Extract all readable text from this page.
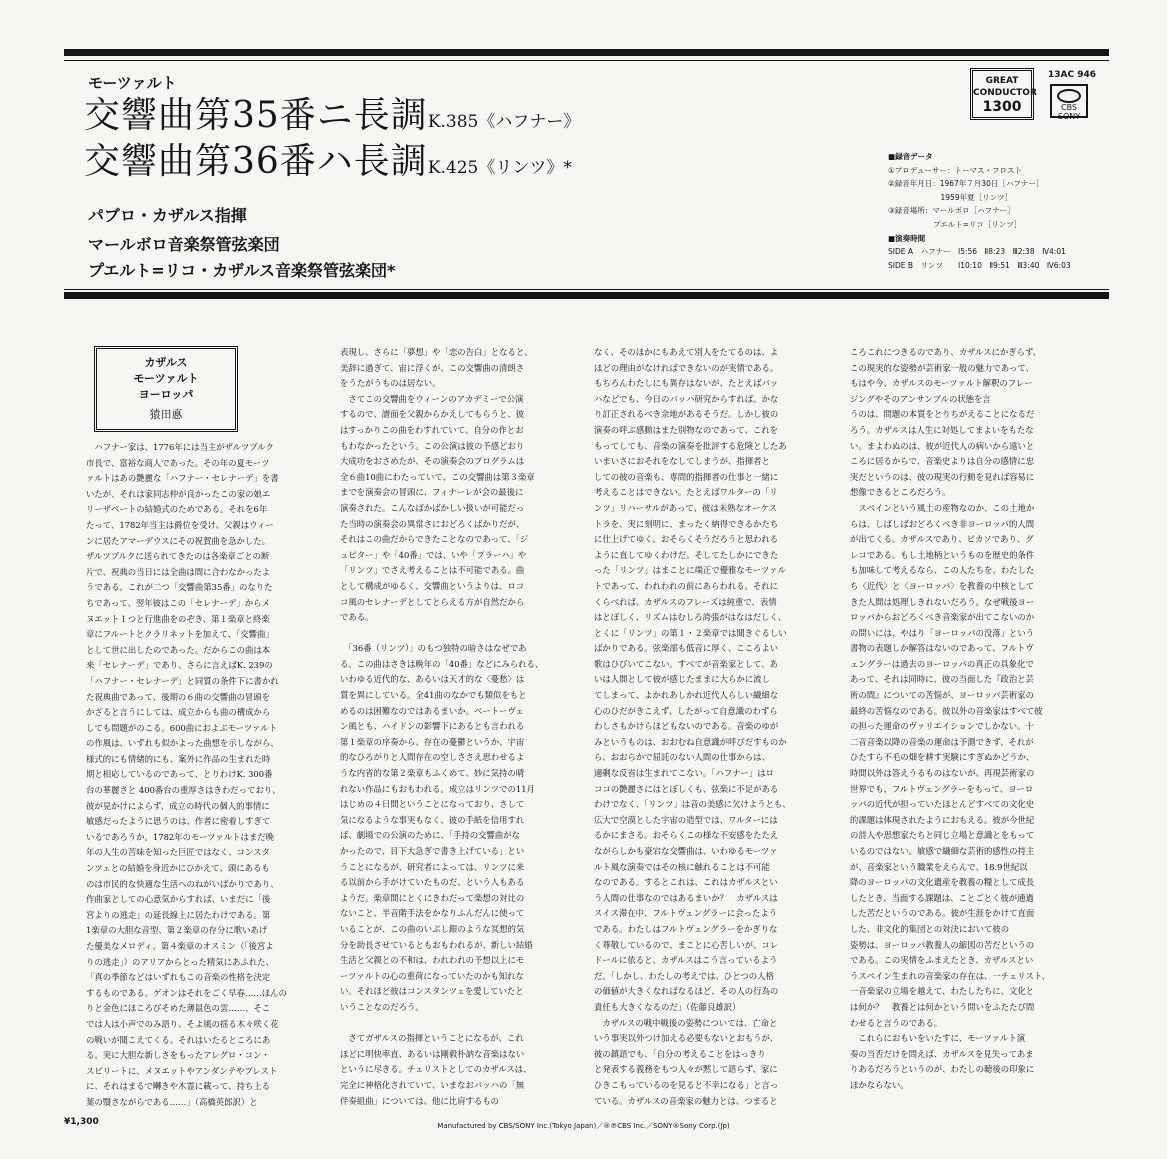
モーツァルト
交響曲第35番ニ長調K.385《ハフナー》
交響曲第36番ハ長調K.425《リンツ》*
パブロ・カザルス指揮
マールボロ音楽祭管弦楽団
プエルト=リコ・カザルス音楽祭管弦楽団*
GREAT
CONDUCTOR
1300
13AC 946
CBS
SONY
■録音データ
①プロデューサー：トーマス・フロスト
②録音年月日：1967年７月30日［ハフナー］
　　　　　　　1959年夏［リンツ］
③録音場所：マールボロ［ハフナー］
　　　　　　プエルト=リコ［リンツ］
■演奏時間
SIDE A　ハフナー　Ⅰ5:56　Ⅱ8:23　Ⅲ2:38　Ⅳ4:01
SIDE B　リンツ　　Ⅰ10:10　Ⅱ9:51　Ⅲ3:40　Ⅳ6:03
カザルス
モーツァルト
ヨーロッパ
猿田悳
　ハフナー家は、1776年には当主がザルツブルク
市長で、富裕な商人であった。その年の夏モーツ
ァルトはあの艶麗な「ハフナー・セレナーデ」を書
いたが、それは家同志仲が良かったこの家の娘エ
リーザベートの結婚式のためである。それを6年
たって、1782年当主は爵位を受け、父親はウィー
ンに居たアマーデウスにその祝賀曲を急かした。
ザルツブルクに送られてきたのは各楽章ごとの断
片で、祝典の当日には全曲は間に合わなかったよ
うである。これが二つ「交響曲第35番」のなりた
ちであって、翌年彼はこの「セレナーデ」からメ
ヌエット１つと行進曲をのぞき、第１楽章と終楽
章にフルートとクラリネットを加えて、「交響曲」
として世に出したのであった。だからこの曲は本
来「セレナーデ」であり、さらに言えばK. 239の
「ハフナー・セレナーデ」と同質の条件下に書かれ
た祝典曲であって、後期の６曲の交響曲の冒頭を
かざると言うにしては、成立からも曲の構成から
しても問題がのこる。600曲におよぶモーツァルト
の作風は、いずれも似かよった曲想を示しながら、
様式的にも情緒的にも、案外に作品の生まれた時
期と相応しているのであって、とりわけK. 300番
台の華麗さと 400番台の重厚さはきわだっており、
彼が見かけによらず、成立の時代の個人的事情に
敏感だったように思うのは、作者に密着しすぎて
いるであろうか。1782年のモーツァルトはまだ晩
年の人生の苦味を知った巨匠ではなく、コンスタ
ンツェとの結婚を身近かにひかえて、頭にあるも
のは市民的な快適な生活へのねがいばかりであり、
作曲家としての心意気からすれば、いまだに「後
宮よりの逃走」の延長線上に居たわけである。第
1楽章の大胆な音型、第２楽章の存分に歌いあげ
た優美なメロディ、第４楽章のオスミン（「後宮よ
りの逃走」）のアリアからとった精気にあふれた、
「真の季節などはいずれもこの音楽の性格を決定
するものである。ゲオンはそれをごく早春……ほんの
りと金色にほころびそめた薄鼠色の雲……、そこ
では人は小声でのみ語り、そよ風の揺る木々咲く花
の戦いが聞こえてくる。それはいたるところにあ
る。実に大胆な新しさをもったアレグロ・コン・
スピリートに、メヌエットやアンダンテやプレスト
に、それはまるで囀きや木霊に載って、持ち上る
葉の翳さながらである……」（高橋英郎訳）と
表現し、さらに「夢想」や「恋の告白」となると、
美辞に過ぎて、宙に浮くが、この交響曲の清朗さ
をうたがうものは居ない。
　さてこの交響曲をウィーンのアカデミーで公演
するので、譜面を父親からかえしてもらうと、彼
はすっかりこの曲をわすれていて、自分の作とお
もわなかったという。この公演は彼の予感どおり
大成功をおさめたが、その演奏会のプログラムは
全６曲10曲にわたっていて、この交響曲は第３楽章
までを演奏会の冒頭に、フィナーレが会の最後に
演奏された。こんなばかばかしい扱いが可能だっ
た当時の演奏会の異常さにおどろくばかりだが、
それはこの曲だからできたことなのであって、「ジ
ュピター」や「40番」では、いや「プラーハ」や
「リンツ」でさえ考えることは不可能である。曲
として構成がゆるく、交響曲というよりは、ロコ
コ風のセレナーデとしてとらえる方が自然だから
である。

　「36番（リンツ）」のもつ独特の暗さはなぜであ
る。この曲はさきは晩年の「40番」などにみられる、
いわゆる近代的な、あるいは天才的な〈憂愁〉は
質を異にしている。全41曲のなかでも類似をもと
めるのは困難なのではあるまいか。ベートーヴェ
ン風とも、ハイドンの影響下にあるとも言われる
第１楽章の序奏から、存在の憂鬱というか、宇宙
的なひろがりと人間存在の空しささえ思わせるよ
うな内省的な第２楽章もふくめて、妙に気持の晴
れない作品にもおもわれる。成立はリンツでの11月
はじめの４日間ということになっており、さして
気になるような事実もなく、彼の手紙を信用すれ
ば、劇場での公演のために、「手持の交響曲がな
かったので、目下大急ぎで書き上げている」とい
うことになるが、研究者によっては、リンツに来
る以前から手がけていたものだ、という人もある
ようだ。楽章間にとくにきわだって楽想の対比の
ないこと、半音階手法をかなりふんだんに使って
いることが、この曲のいぶし銀のような冥想的気
分を助長させているともおもわれるが、新しい結婚
生活と父親との不和は、われわれの予想以上にモ
ーツァルトの心の重荷になっていたのかも知れな
い。それほど彼はコンスタンツェを愛していたと
いうことなのだろう。

　さてガザルスの指揮ということになるが、これ
ほどに明快率直、あるいは剛毅朴訥な音楽はない
というに尽きる。チェリストとしてのカザルスは、
完全に神格化されていて、いまなおバッハの「無
伴奏組曲」については、他に比肩するもの
なく、そのほかにもあえて別人をたてるのは、よ
ほどの理由がなければできないのが実情である。
もちろんわたしにも異存はないが、たとえばバッ
ハなどでも、今日のバッハ研究からすれば、かな
り訂正されるべき余地があるそうだ。しかし彼の
演奏の呼ぶ感動はまた別物なのであって、これを
もってしても、音楽の演奏を批評する危険としたあ
いまいさにおそれをなしてしまうが、指揮者と
しての彼の音楽も、専問的指揮者の仕事と一緒に
考えることはできない。たとえばワルターの「リ
ンツ」リハーサルがあって、彼は未熟なオーケス
トラを、実に刻明に、まったく納得できるかたち
に仕上げてゆく。おそらくそうだろうと思われる
ように直してゆくわけだ。そしてたしかにできた
った「リンツ」はまことに端正で優雅なモーツァル
トであって、われわれの前にあらわれる。それに
くらべれば、カザルスのフレーズは純重で、表情
はとぼしく、リズムはむしろ誇張がはなはだしく、
とくに「リンツ」の第１・２楽章では聞きぐるしい
ばかりである。弦楽部も低音に厚く、こころよい
歌はひびいてこない。すべてが音楽家として、あ
いは人間として彼が感じたままに大らかに流し
てしまって、よかれあしかれ近代人らしい繊細な
心のひだがきこえず、したがって自意識のわずら
わしさもかけらほどもないのである。音楽のゆが
みというものは、おおむね自意識が呼びだすものか
ら、おおらかで屈託のない人間の仕事からは、
適剰な反省は生まれてこない。「ハフナー」はロ
ココの艶麗さにはとぼしくも、弦楽に不足がある
わけでなく、「リンツ」は音の美感に欠けようとも、
広大で空漠とした宇宙の造型では、ワルターには
るかにまさる。おそらくこの様な不安感をたたえ
ながらしかも豪宕な交響曲は、いわゆるモーツァ
ルト風な演奏ではその核に触れることは不可能
なのである。するとこれは、これはカザルスとい
う人間の仕事なのではあるまいか？　カザルスは
スイス滞在中、フルトヴェングラーに会ったよう
である。わたしはフルトヴェングラーをかぎりな
く尊敬しているので、まことに心苦しいが、コレ
ドールに依ると、カザルスはこう言っているよう
だ。「しかし、わたしの考えでは、ひとつの人格
の価値が大きくなればなるほど、その人の行為の
責任も大きくなるのだ」（佐藤良雄訳）
　カザルスの戦中戦後の姿勢については、亡命と
いう事実以外つけ加える必要もないとおもうが、
彼の鎮語でも、「自分の考えることをはっきり
と発表する義務をもつ人々が黙して語らず、家に
ひきこもっているのを見ると不幸になる」と言っ
ている。カザルスの音楽家の魅力とは、つまると
ころこれにつきるのであり、カザルスにかぎらず、
この現実的な姿勢が芸術家一般の魅力であって、
もはや今、カザルスのモーツァルト解釈のフレー
ジングやそのアンサンブルの状態を言
うのは、問題の本質をとりちがえることになるだ
ろう。カザルスは人生に対処してまよいをもたな
い。まよわぬのは、彼が近代人の病いから遠いと
ころに居るからで、音楽史よりは自分の感情に忠
実だというのは、彼の現実の行動を見れば容易に
想像できるところだろう。
　スペインという風土の産物なのか、この土地か
らは、しばしばおどろくべき非ヨーロッパ的人間
が出てくる。カザルスであり、ピカソであり、グ
レコである。もし土地柄というものを歴史的条件
も加味して考えるなら、この人たちを、わたした
ち〈近代〉と〈ヨーロッパ〉を教養の中核として
きた人間は処理しきれないだろう。なぜ戦後ヨー
ロッパからおどろくべき音楽家が出てこないのか
の問いには、やはり「ヨーロッパの没落」という
書物の表題しか解答はないのであって、フルトヴ
ェングラーは過去のヨーロッパの真正の具象化で
あって、それは同時に、彼の当面した『政治と芸
術の間』についての苦悩が、ヨーロッパ芸術家の
最終の苦悩なのである。彼以外の音楽家はすべて彼
の担った運命のヴァリエイションでしかない。十
二音音楽以降の音楽の運命は予測できず、それが
ひたすら不毛の畑を耕す実験にすぎぬかどうか、
時間以外は答えうるものはないが、再現芸術家の
世界でも、フルトヴェングラーをもって、ヨーロ
ッパの近代が担っていたほとんどすべての文化史
的課題は体現されたようにおもえる。彼が今世紀
の詩人や思想家たちと同じ立場と意識とをもって
いるのではない。敏感で繊細な芸術的感性の持主
が、音楽家という職業をえらんで、18.9世紀以
降のヨーロッパの文化遺産を教養の糧として成長
したとき、当面する課題は、ことごとく彼が通過
した苦だというのである。彼が生涯をかけて直面
した、非文化的集団との対決において彼の
姿勢は、ヨーロッパ教養人の縮図の苦だというの
である。この実情をふまえたとき、カザルスとい
うスペイン生まれの音楽家の存在は、一チェリスト、
一音楽家の立場を越えて、わたしたちに、文化と
は何か？　教養とは何かという問いをふたたび問
わせると言うのである。
　これらにおもいをいたすに、モーツァルト演
奏の当否だけを問えば、カザルスを見失ってあま
りあるだろうというのが、わたしの聴後の印象に
ほかならない。
¥1,300	Manufactured by CBS/SONY Inc.(Tokyo Japan)／®℗CBS Inc.／SONY®Sony Corp.(Jp)
